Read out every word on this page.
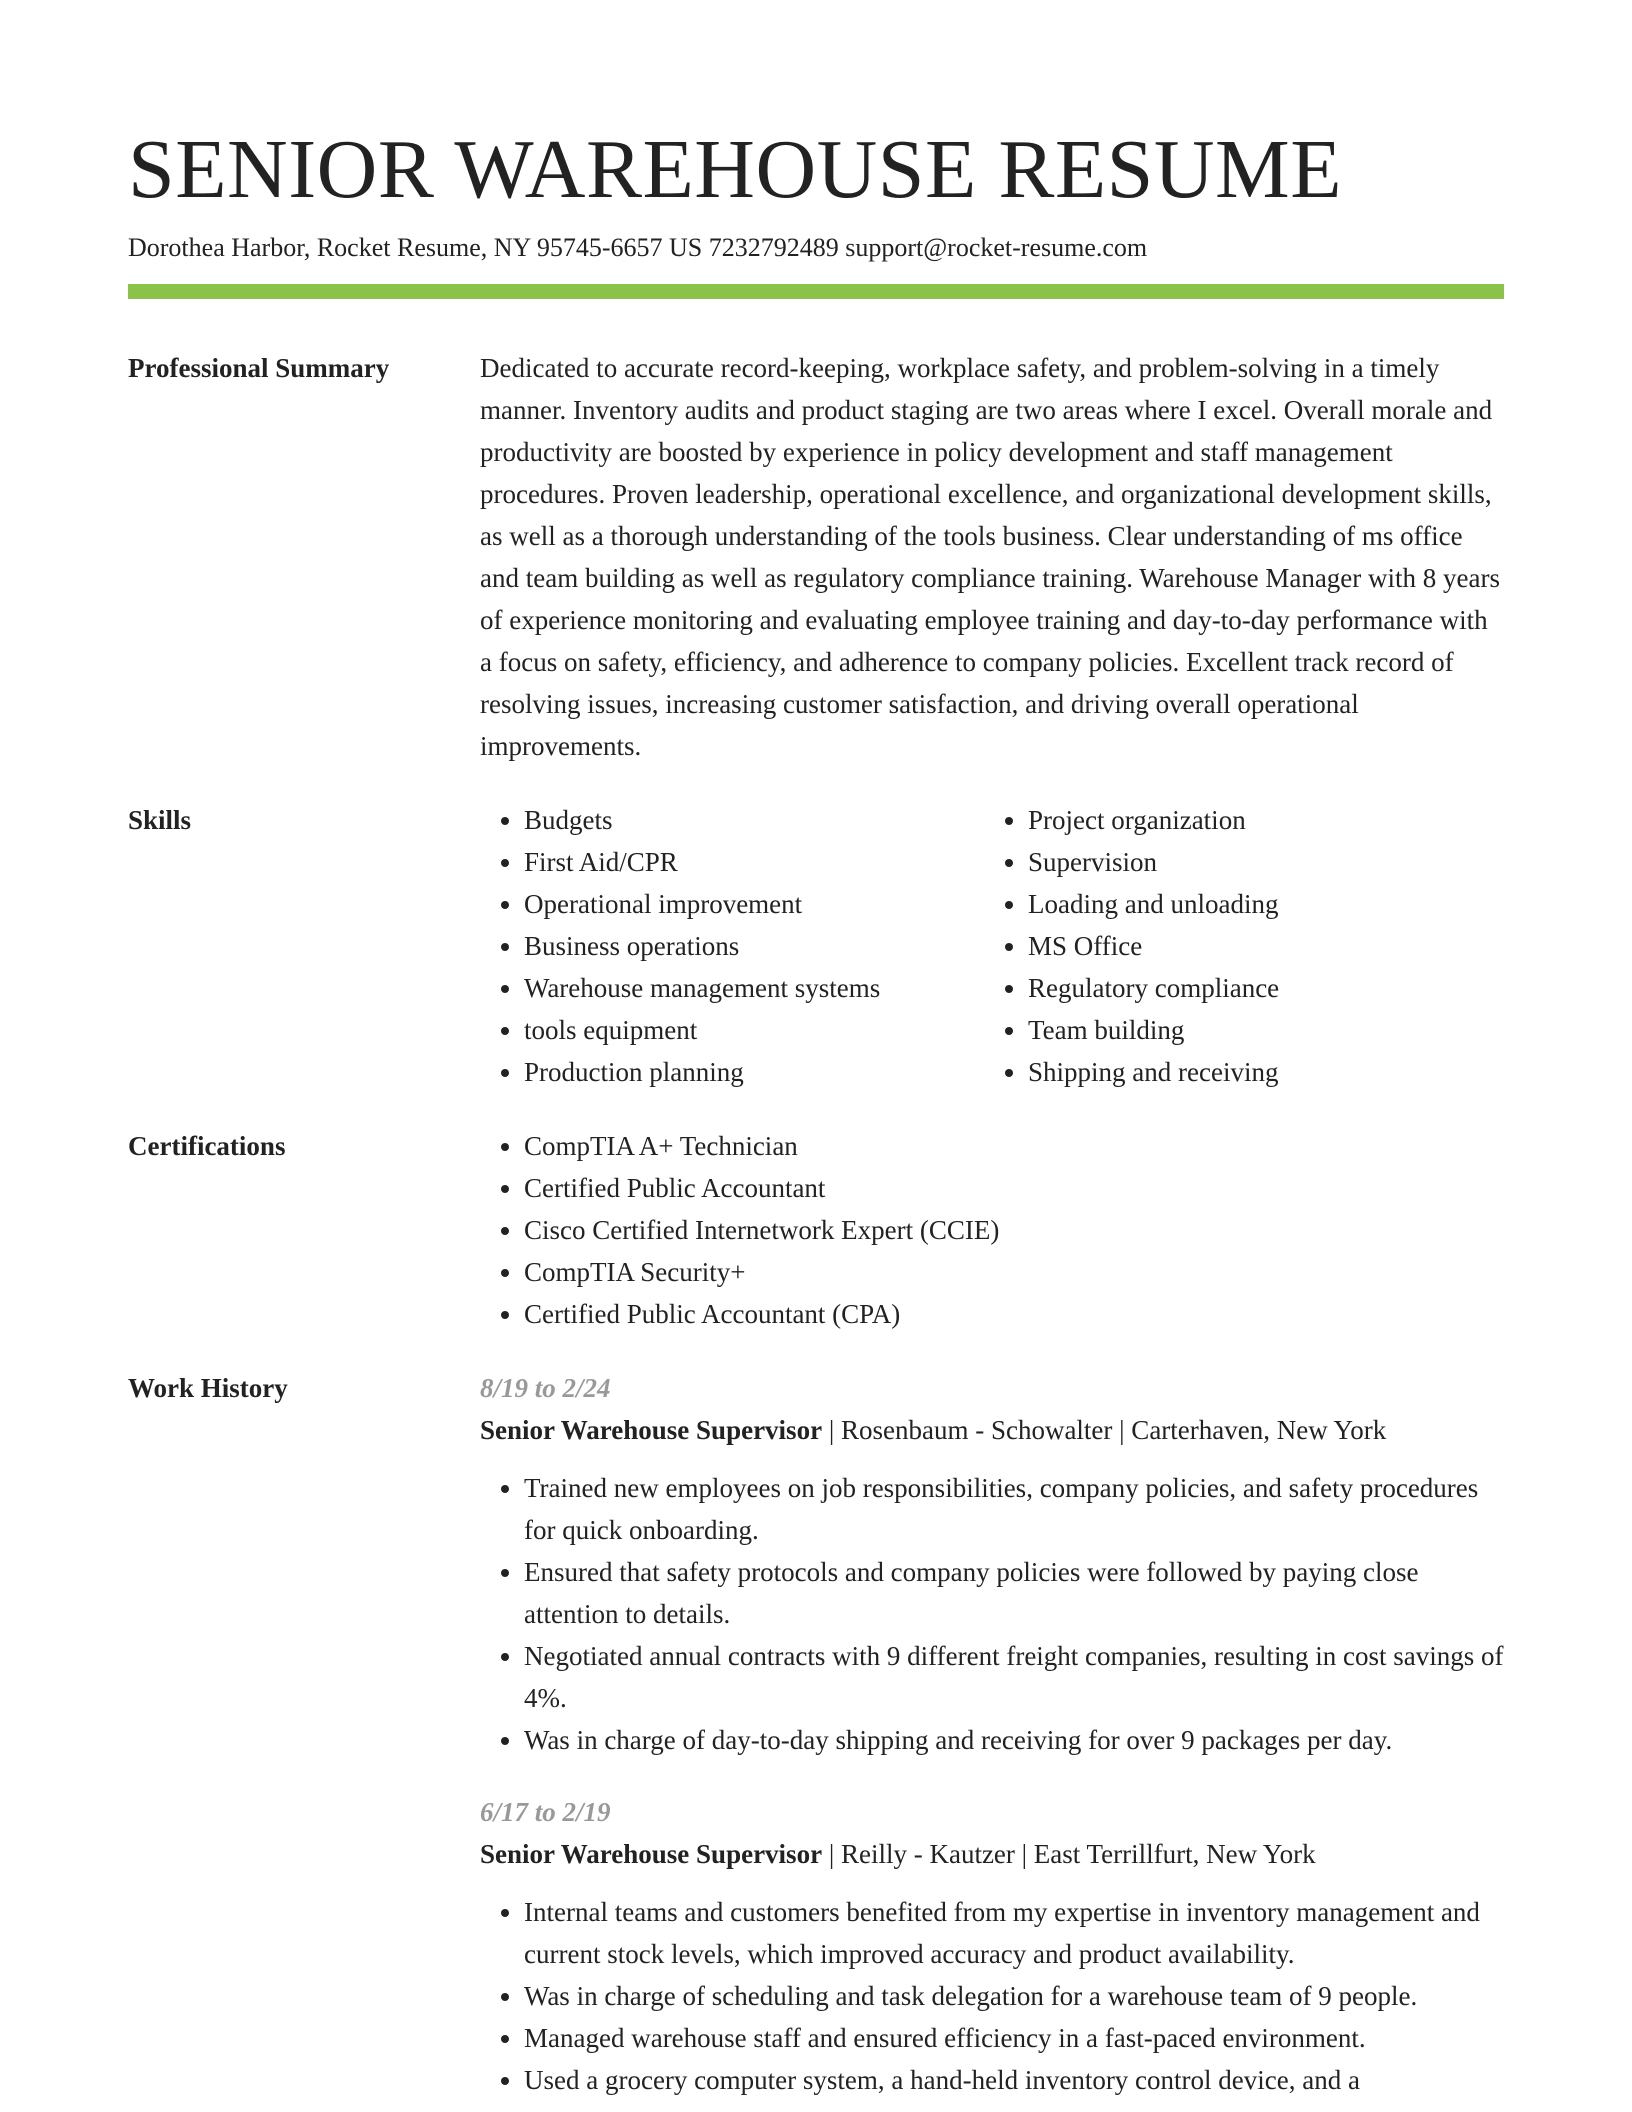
SENIOR WAREHOUSE RESUME
Dorothea Harbor, Rocket Resume, NY 95745-6657 US 7232792489 support@rocket-resume.com
Professional Summary	Dedicated to accurate record-keeping, workplace safety, and problem-solving in a timely manner. Inventory audits and product staging are two areas where I excel. Overall morale and productivity are boosted by experience in policy development and staff management procedures. Proven leadership, operational excellence, and organizational development skills, as well as a thorough understanding of the tools business. Clear understanding of ms office and team building as well as regulatory compliance training. Warehouse Manager with 8 years of experience monitoring and evaluating employee training and day-to-day performance with a focus on safety, efficiency, and adherence to company policies. Excellent track record of resolving issues, increasing customer satisfaction, and driving overall operational improvements.
Skills	• Budgets
• First Aid/CPR
• Operational improvement
• Business operations
• Warehouse management systems
• tools equipment
• Production planning
• Project organization
• Supervision
• Loading and unloading
• MS Office
• Regulatory compliance
• Team building
• Shipping and receiving
Certifications	• CompTIA A+ Technician
• Certified Public Accountant
• Cisco Certified Internetwork Expert (CCIE)
• CompTIA Security+
• Certified Public Accountant (CPA)
Work History	8/19 to 2/24
Senior Warehouse Supervisor | Rosenbaum - Schowalter | Carterhaven, New York
• Trained new employees on job responsibilities, company policies, and safety procedures for quick onboarding.
• Ensured that safety protocols and company policies were followed by paying close attention to details.
• Negotiated annual contracts with 9 different freight companies, resulting in cost savings of 4%.
• Was in charge of day-to-day shipping and receiving for over 9 packages per day.
6/17 to 2/19
Senior Warehouse Supervisor | Reilly - Kautzer | East Terrillfurt, New York
• Internal teams and customers benefited from my expertise in inventory management and current stock levels, which improved accuracy and product availability.
• Was in charge of scheduling and task delegation for a warehouse team of 9 people.
• Managed warehouse staff and ensured efficiency in a fast-paced environment.
• Used a grocery computer system, a hand-held inventory control device, and a
